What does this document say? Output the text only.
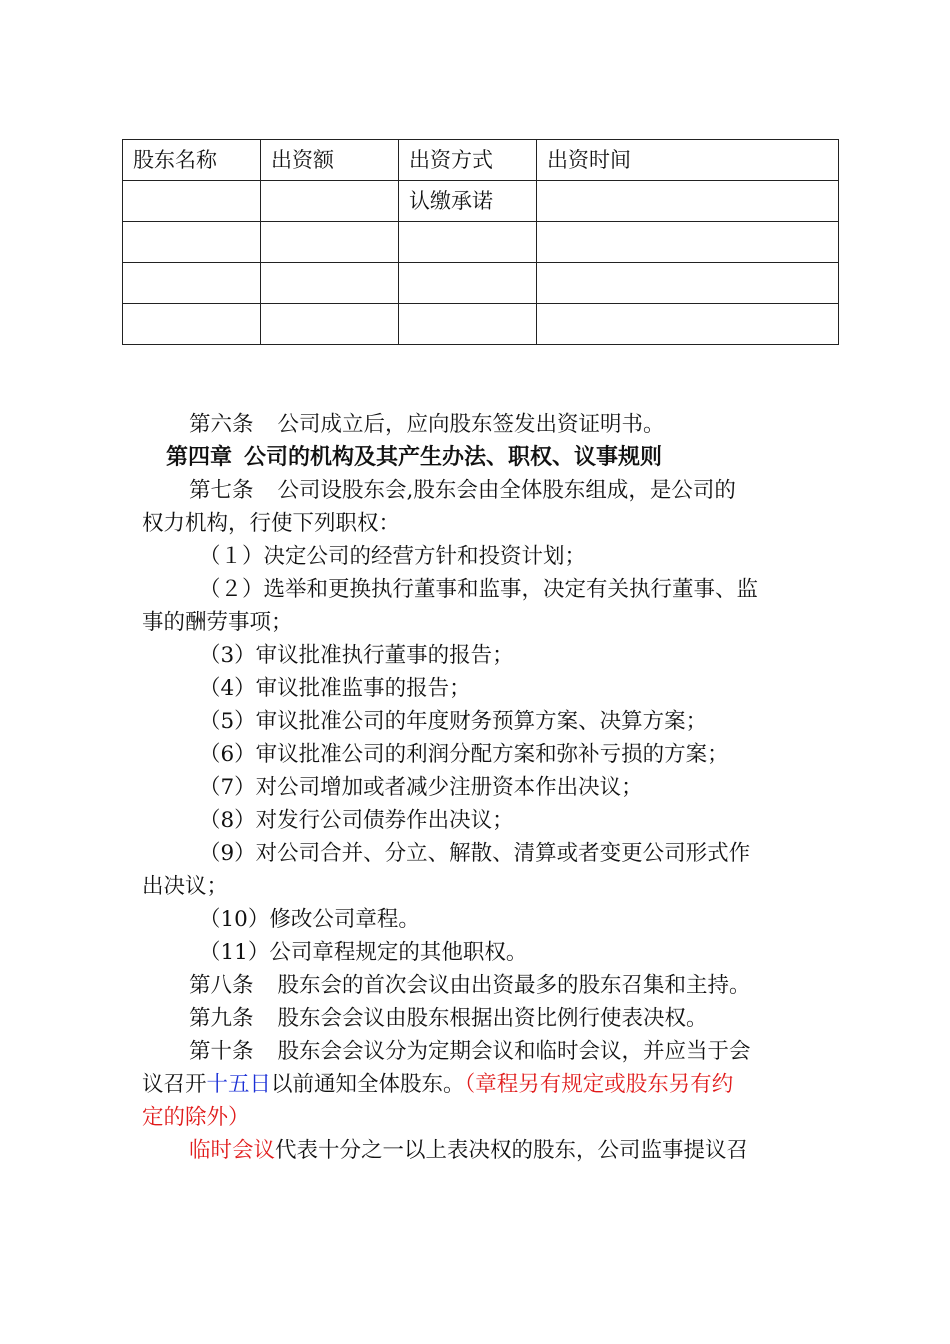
股东名称	出资额	出资方式	出资时间
		认缴承诺	

第六条 公司成立后，应向股东签发出资证明书。
第四章 公司的机构及其产生办法、职权、议事规则
第七条 公司设股东会,股东会由全体股东组成，是公司的
权力机构，行使下列职权：
（１）决定公司的经营方针和投资计划；
（２）选举和更换执行董事和监事，决定有关执行董事、监
事的酬劳事项；
（3）审议批准执行董事的报告；
（4）审议批准监事的报告；
（5）审议批准公司的年度财务预算方案、决算方案；
（6）审议批准公司的利润分配方案和弥补亏损的方案；
（7）对公司增加或者减少注册资本作出决议；
（8）对发行公司债券作出决议；
（9）对公司合并、分立、解散、清算或者变更公司形式作
出决议；
（10）修改公司章程。
（11）公司章程规定的其他职权。
第八条 股东会的首次会议由出资最多的股东召集和主持。
第九条 股东会会议由股东根据出资比例行使表决权。
第十条 股东会会议分为定期会议和临时会议，并应当于会
议召开十五日以前通知全体股东。（章程另有规定或股东另有约
定的除外）
临时会议代表十分之一以上表决权的股东，公司监事提议召
